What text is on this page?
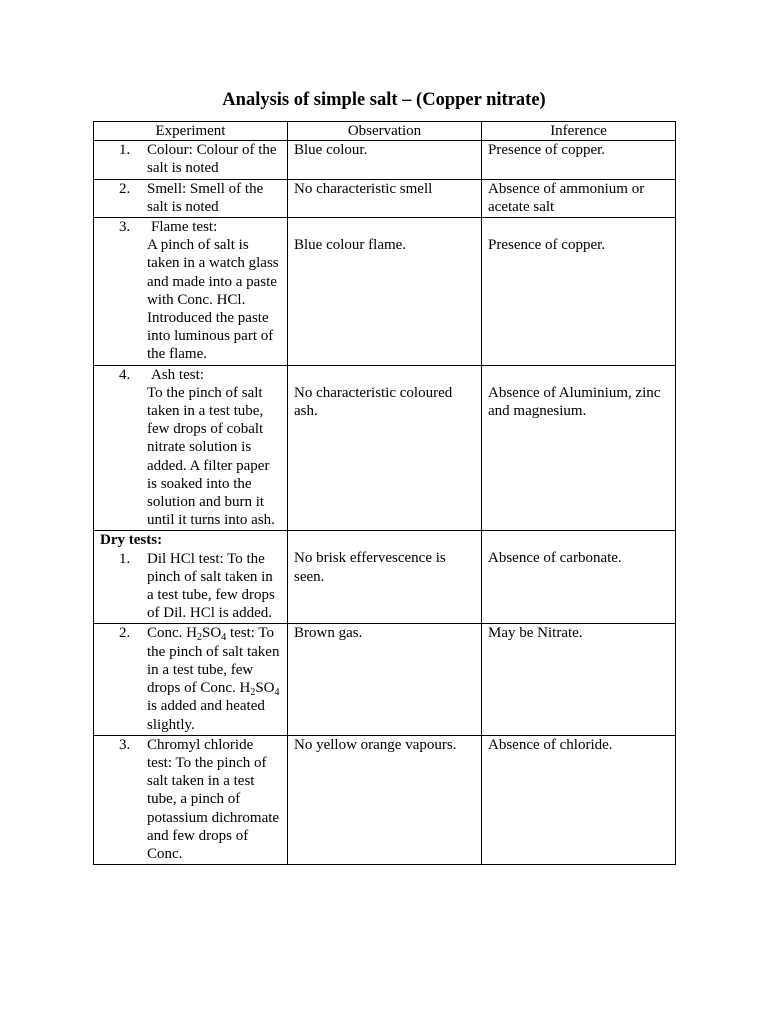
Analysis of simple salt – (Copper nitrate)
Experiment	Observation	Inference

1. Colour: Colour of the salt is noted	Blue colour.	Presence of copper.

2. Smell: Smell of the salt is noted	No characteristic smell	Absence of ammonium or acetate salt

3. Flame test:
A pinch of salt is taken in a watch glass and made into a paste with Conc. HCl. Introduced the paste into luminous part of the flame.	Blue colour flame.	Presence of copper.

4. Ash test:
To the pinch of salt taken in a test tube, few drops of cobalt nitrate solution is added. A filter paper is soaked into the solution and burn it until it turns into ash.	No characteristic coloured ash.	Absence of Aluminium, zinc and magnesium.

Dry tests:
1. Dil HCl test: To the pinch of salt taken in a test tube, few drops of Dil. HCl is added.	No brisk effervescence is seen.	Absence of carbonate.

2. Conc. $H_2SO_4$ test: To the pinch of salt taken in a test tube, few drops of Conc. $H_2SO_4$ is added and heated slightly.	Brown gas.	May be Nitrate.

3. Chromyl chloride test: To the pinch of salt taken in a test tube, a pinch of potassium dichromate and few drops of Conc.	No yellow orange vapours.	Absence of chloride.
